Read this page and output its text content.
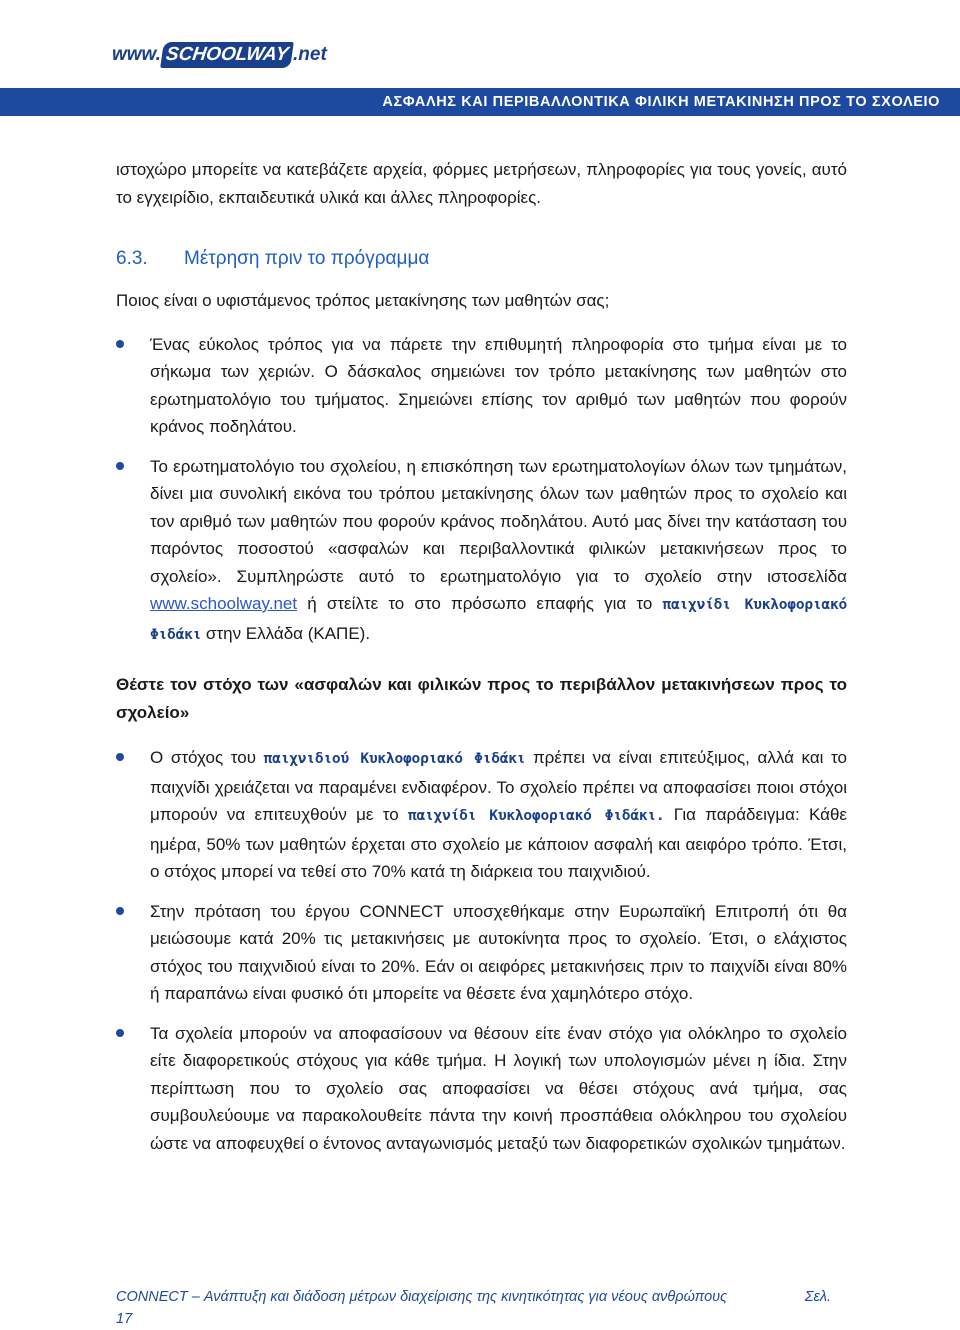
www. SCHOOLWAY .net
ΑΣΦΑΛΗΣ ΚΑΙ ΠΕΡΙΒΑΛΛΟΝΤΙΚΑ ΦΙΛΙΚΗ ΜΕΤΑΚΙΝΗΣΗ ΠΡΟΣ ΤΟ ΣΧΟΛΕΙΟ

ιστοχώρο μπορείτε να κατεβάζετε αρχεία, φόρμες μετρήσεων, πληροφορίες για τους γονείς, αυτό το εγχειρίδιο, εκπαιδευτικά υλικά και άλλες πληροφορίες.

6.3. Μέτρηση πριν το πρόγραμμα

Ποιος είναι ο υφιστάμενος τρόπος μετακίνησης των μαθητών σας;

Ένας εύκολος τρόπος για να πάρετε την επιθυμητή πληροφορία στο τμήμα είναι με το σήκωμα των χεριών. Ο δάσκαλος σημειώνει τον τρόπο μετακίνησης των μαθητών στο ερωτηματολόγιο του τμήματος. Σημειώνει επίσης τον αριθμό των μαθητών που φορούν κράνος ποδηλάτου.
Το ερωτηματολόγιο του σχολείου, η επισκόπηση των ερωτηματολογίων όλων των τμημάτων, δίνει μια συνολική εικόνα του τρόπου μετακίνησης όλων των μαθητών προς το σχολείο και τον αριθμό των μαθητών που φορούν κράνος ποδηλάτου. Αυτό μας δίνει την κατάσταση του παρόντος ποσοστού «ασφαλών και περιβαλλοντικά φιλικών μετακινήσεων προς το σχολείο». Συμπληρώστε αυτό το ερωτηματολόγιο για το σχολείο στην ιστοσελίδα www.schoolway.net ή στείλτε το στο πρόσωπο επαφής για το παιχνίδι Κυκλοφοριακό Φιδάκι στην Ελλάδα (ΚΑΠΕ).

Θέστε τον στόχο των «ασφαλών και φιλικών προς το περιβάλλον μετακινήσεων προς το σχολείο»

Ο στόχος του παιχνιδιού Κυκλοφοριακό Φιδάκι πρέπει να είναι επιτεύξιμος, αλλά και το παιχνίδι χρειάζεται να παραμένει ενδιαφέρον. Το σχολείο πρέπει να αποφασίσει ποιοι στόχοι μπορούν να επιτευχθούν με το παιχνίδι Κυκλοφοριακό Φιδάκι. Για παράδειγμα: Κάθε ημέρα, 50% των μαθητών έρχεται στο σχολείο με κάποιον ασφαλή και αειφόρο τρόπο. Έτσι, ο στόχος μπορεί να τεθεί στο 70% κατά τη διάρκεια του παιχνιδιού.
Στην πρόταση του έργου CONNECT υποσχεθήκαμε στην Ευρωπαϊκή Επιτροπή ότι θα μειώσουμε κατά 20% τις μετακινήσεις με αυτοκίνητα προς το σχολείο. Έτσι, ο ελάχιστος στόχος του παιχνιδιού είναι το 20%. Εάν οι αειφόρες μετακινήσεις πριν το παιχνίδι είναι 80% ή παραπάνω είναι φυσικό ότι μπορείτε να θέσετε ένα χαμηλότερο στόχο.
Τα σχολεία μπορούν να αποφασίσουν να θέσουν είτε έναν στόχο για ολόκληρο το σχολείο είτε διαφορετικούς στόχους για κάθε τμήμα. Η λογική των υπολογισμών μένει η ίδια. Στην περίπτωση που το σχολείο σας αποφασίσει να θέσει στόχους ανά τμήμα, σας συμβουλεύουμε να παρακολουθείτε πάντα την κοινή προσπάθεια ολόκληρου του σχολείου ώστε να αποφευχθεί ο έντονος ανταγωνισμός μεταξύ των διαφορετικών σχολικών τμημάτων.
CONNECT – Ανάπτυξη και διάδοση μέτρων διαχείρισης της κινητικότητας για νέους ανθρώπους	Σελ.
17
